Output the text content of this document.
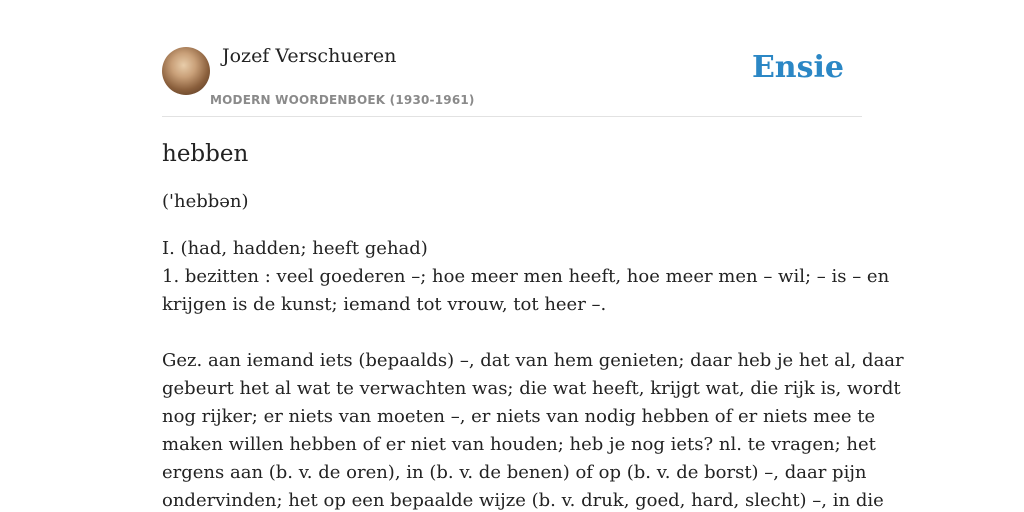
Jozef Verschueren
MODERN WOORDENBOEK (1930-1961)
Ensie
hebben

('hebbən)

I. (had, hadden; heeft gehad)
1. bezitten : veel goederen –; hoe meer men heeft, hoe meer men – wil; – is – en
krijgen is de kunst; iemand tot vrouw, tot heer –.
Gez. aan iemand iets (bepaalds) –, dat van hem genieten; daar heb je het al, daar
gebeurt het al wat te verwachten was; die wat heeft, krijgt wat, die rijk is, wordt
nog rijker; er niets van moeten –, er niets van nodig hebben of er niets mee te
maken willen hebben of er niet van houden; heb je nog iets? nl. te vragen; het
ergens aan (b. v. de oren), in (b. v. de benen) of op (b. v. de borst) –, daar pijn
ondervinden; het op een bepaalde wijze (b. v. druk, goed, hard, slecht) –, in die
